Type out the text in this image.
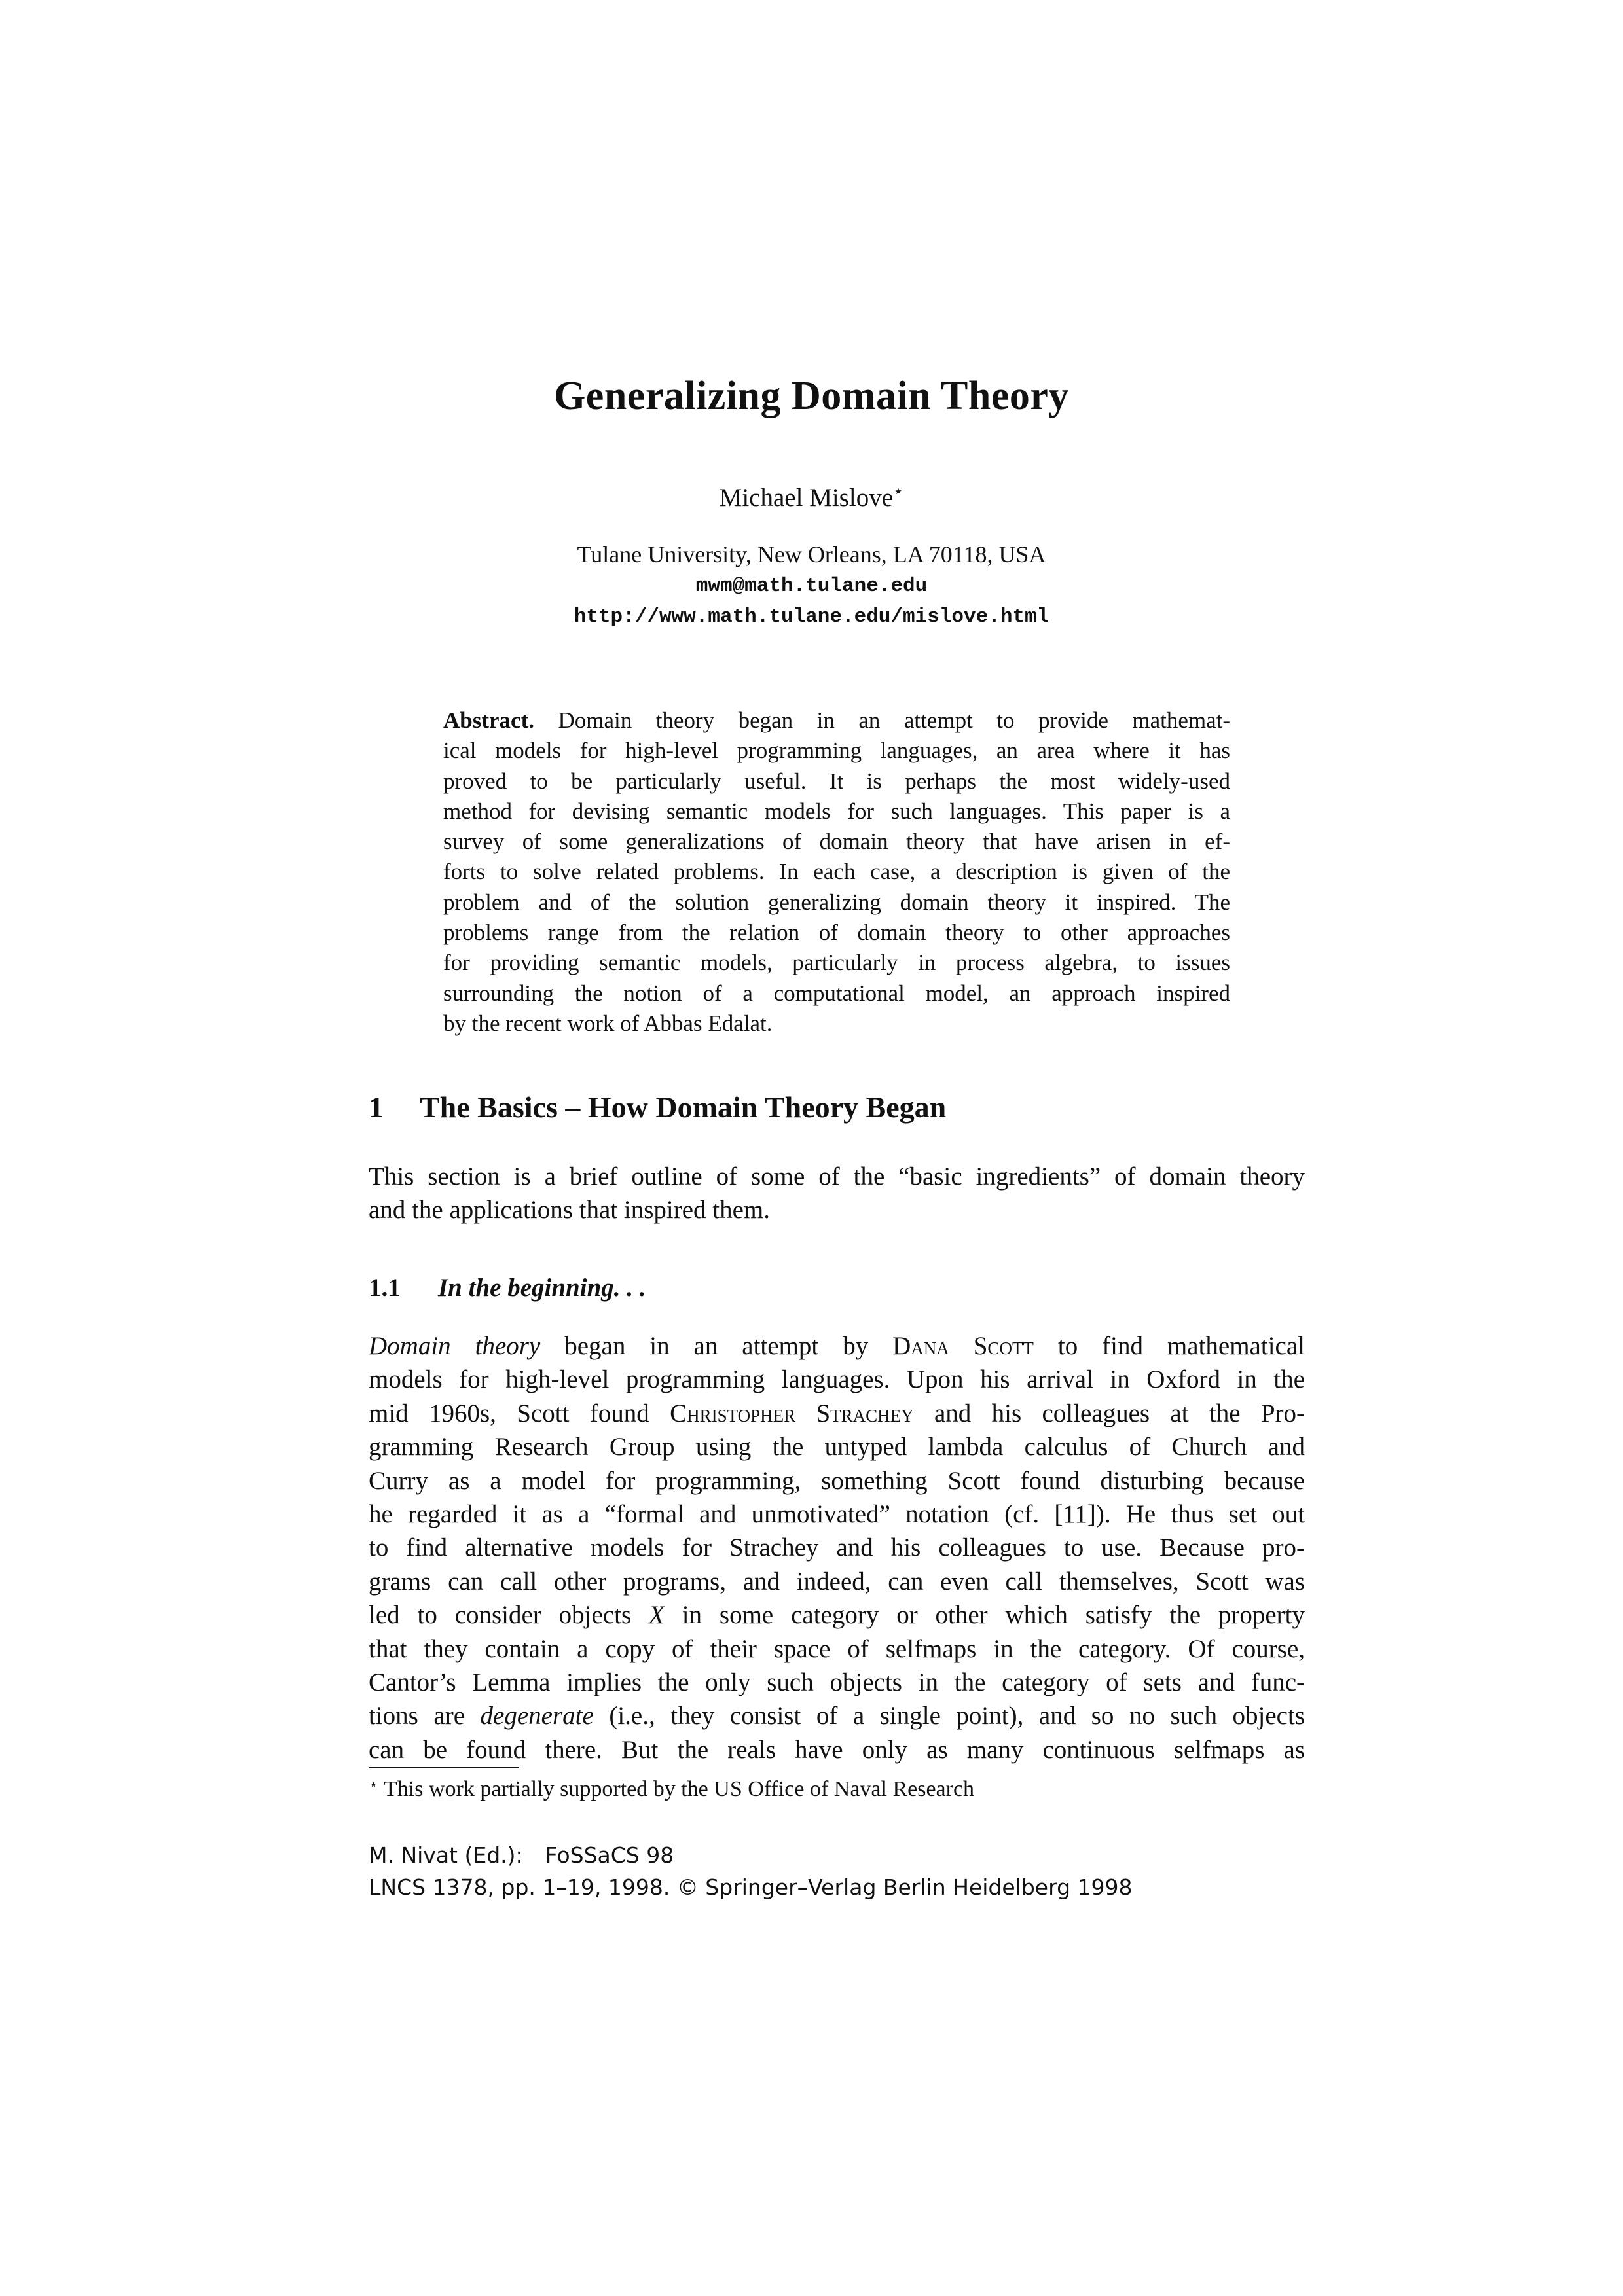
Generalizing Domain Theory
Michael Mislove⋆
Tulane University, New Orleans, LA 70118, USA
mwm@math.tulane.edu
http://www.math.tulane.edu/mislove.html
Abstract. Domain theory began in an attempt to provide mathemat-
ical models for high-level programming languages, an area where it has
proved to be particularly useful. It is perhaps the most widely-used
method for devising semantic models for such languages. This paper is a
survey of some generalizations of domain theory that have arisen in ef-
forts to solve related problems. In each case, a description is given of the
problem and of the solution generalizing domain theory it inspired. The
problems range from the relation of domain theory to other approaches
for providing semantic models, particularly in process algebra, to issues
surrounding the notion of a computational model, an approach inspired
by the recent work of Abbas Edalat.
1 The Basics – How Domain Theory Began
This section is a brief outline of some of the “basic ingredients” of domain theory
and the applications that inspired them.
1.1 In the beginning. . .
Domain theory began in an attempt by Dana Scott to find mathematical
models for high-level programming languages. Upon his arrival in Oxford in the
mid 1960s, Scott found Christopher Strachey and his colleagues at the Pro-
gramming Research Group using the untyped lambda calculus of Church and
Curry as a model for programming, something Scott found disturbing because
he regarded it as a “formal and unmotivated” notation (cf. [11]). He thus set out
to find alternative models for Strachey and his colleagues to use. Because pro-
grams can call other programs, and indeed, can even call themselves, Scott was
led to consider objects X in some category or other which satisfy the property
that they contain a copy of their space of selfmaps in the category. Of course,
Cantor’s Lemma implies the only such objects in the category of sets and func-
tions are degenerate (i.e., they consist of a single point), and so no such objects
can be found there. But the reals have only as many continuous selfmaps as
⋆ This work partially supported by the US Office of Naval Research
M. Nivat (Ed.): FoSSaCS 98
LNCS 1378, pp. 1–19, 1998. © Springer–Verlag Berlin Heidelberg 1998
